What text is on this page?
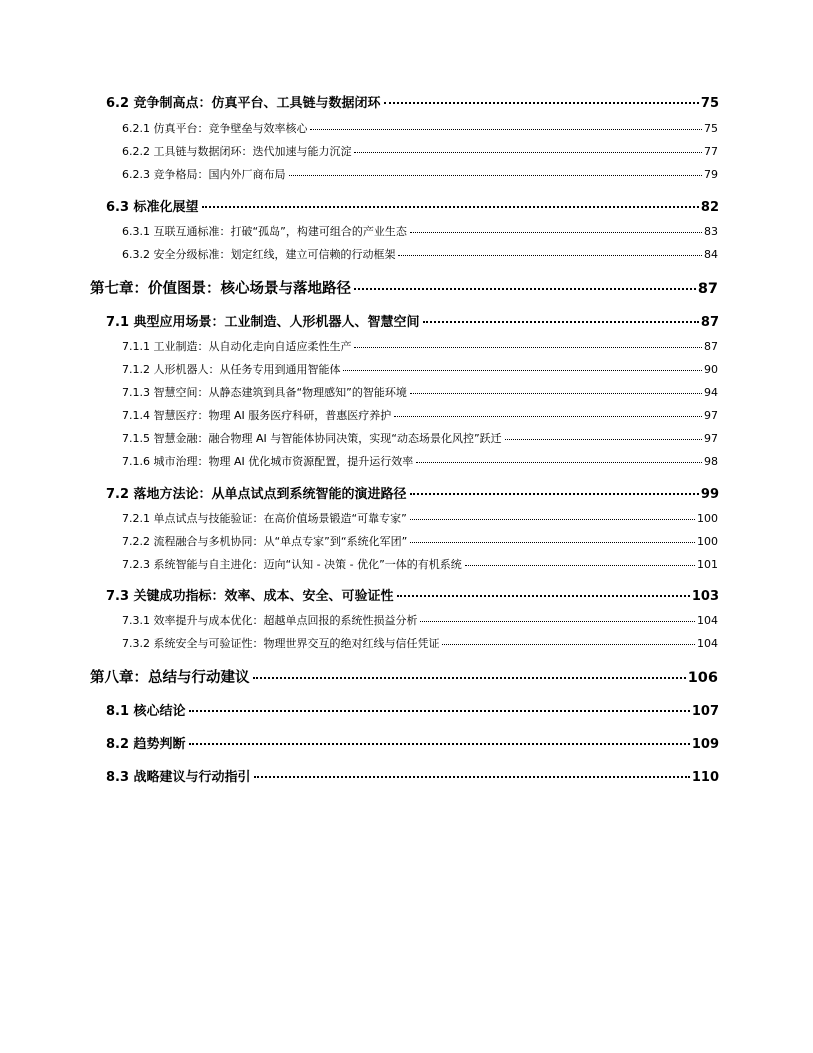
6.2 竞争制高点：仿真平台、工具链与数据闭环	75
6.2.1 仿真平台：竞争壁垒与效率核心	75
6.2.2 工具链与数据闭环：迭代加速与能力沉淀	77
6.2.3 竞争格局：国内外厂商布局	79
6.3 标准化展望	82
6.3.1 互联互通标准：打破“孤岛”，构建可组合的产业生态	83
6.3.2 安全分级标准：划定红线，建立可信赖的行动框架	84
第七章：价值图景：核心场景与落地路径	87
7.1 典型应用场景：工业制造、人形机器人、智慧空间	87
7.1.1 工业制造：从自动化走向自适应柔性生产	87
7.1.2 人形机器人：从任务专用到通用智能体	90
7.1.3 智慧空间：从静态建筑到具备“物理感知”的智能环境	94
7.1.4 智慧医疗：物理 AI 服务医疗科研，普惠医疗养护	97
7.1.5 智慧金融：融合物理 AI 与智能体协同决策，实现“动态场景化风控”跃迁	97
7.1.6 城市治理：物理 AI 优化城市资源配置，提升运行效率	98
7.2 落地方法论：从单点试点到系统智能的演进路径	99
7.2.1 单点试点与技能验证：在高价值场景锻造“可靠专家”	100
7.2.2 流程融合与多机协同：从“单点专家”到“系统化军团”	100
7.2.3 系统智能与自主进化：迈向“认知 - 决策 - 优化”一体的有机系统	101
7.3 关键成功指标：效率、成本、安全、可验证性	103
7.3.1 效率提升与成本优化：超越单点回报的系统性损益分析	104
7.3.2 系统安全与可验证性：物理世界交互的绝对红线与信任凭证	104
第八章：总结与行动建议	106
8.1 核心结论	107
8.2 趋势判断	109
8.3 战略建议与行动指引	110
